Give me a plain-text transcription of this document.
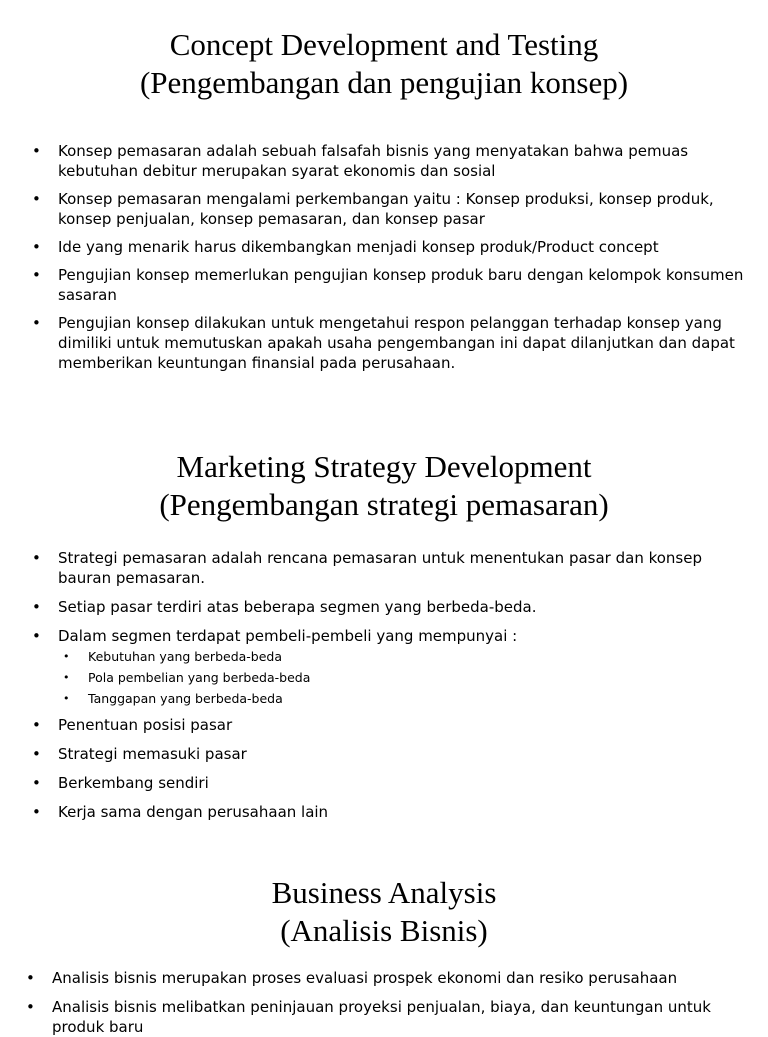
Concept Development and Testing
(Pengembangan dan pengujian konsep)
• Konsep pemasaran adalah sebuah falsafah bisnis yang menyatakan bahwa pemuas kebutuhan debitur merupakan syarat ekonomis dan sosial
• Konsep pemasaran mengalami perkembangan yaitu : Konsep produksi, konsep produk, konsep penjualan, konsep pemasaran, dan konsep pasar
• Ide yang menarik harus dikembangkan menjadi konsep produk/Product concept
• Pengujian konsep memerlukan pengujian konsep produk baru dengan kelompok konsumen sasaran
• Pengujian konsep dilakukan untuk mengetahui respon pelanggan terhadap konsep yang dimiliki untuk memutuskan apakah usaha pengembangan ini dapat dilanjutkan dan dapat memberikan keuntungan finansial pada perusahaan.
Marketing Strategy Development
(Pengembangan strategi pemasaran)
• Strategi pemasaran adalah rencana pemasaran untuk menentukan pasar dan konsep bauran pemasaran.
• Setiap pasar terdiri atas beberapa segmen yang berbeda-beda.
• Dalam segmen terdapat pembeli-pembeli yang mempunyai :
• Kebutuhan yang berbeda-beda
• Pola pembelian yang berbeda-beda
• Tanggapan yang berbeda-beda
• Penentuan posisi pasar
• Strategi memasuki pasar
• Berkembang sendiri
• Kerja sama dengan perusahaan lain
Business Analysis
(Analisis Bisnis)
• Analisis bisnis merupakan proses evaluasi prospek ekonomi dan resiko perusahaan
• Analisis bisnis melibatkan peninjauan proyeksi penjualan, biaya, dan keuntungan untuk produk baru
